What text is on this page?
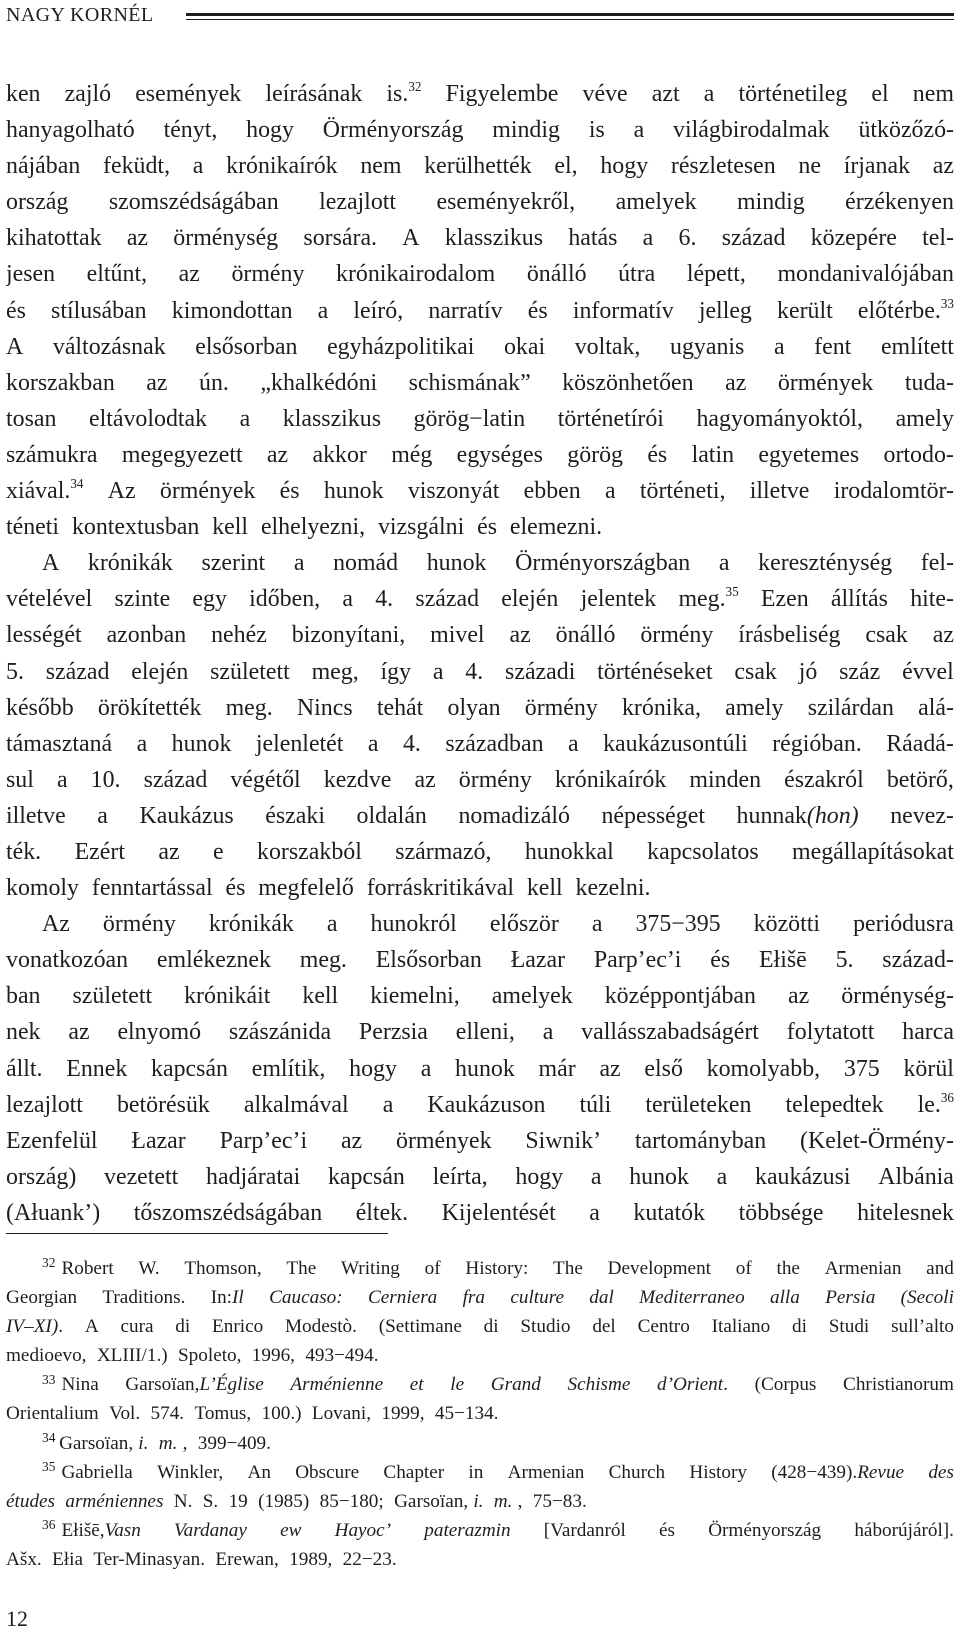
NAGY KORNÉL
ken zajló események leírásának is.$^{32}$ Figyelembe véve azt a történetileg el nem
hanyagolható tényt, hogy Örményország mindig is a világbirodalmak ütközőzó-
nájában feküdt, a krónikaírók nem kerülhették el, hogy részletesen ne írjanak az
ország szomszédságában lezajlott eseményekről, amelyek mindig érzékenyen
kihatottak az örménység sorsára. A klasszikus hatás a 6. század közepére tel-
jesen eltűnt, az örmény krónikairodalom önálló útra lépett, mondanivalójában
és stílusában kimondottan a leíró, narratív és informatív jelleg került előtérbe.$^{33}$
A változásnak elsősorban egyházpolitikai okai voltak, ugyanis a fent említett
korszakban az ún. „khalkédóni schismának” köszönhetően az örmények tuda-
tosan eltávolodtak a klasszikus görög−latin történetírói hagyományoktól, amely
számukra megegyezett az akkor még egységes görög és latin egyetemes ortodo-
xiával.$^{34}$ Az örmények és hunok viszonyát ebben a történeti, illetve irodalomtör-
téneti kontextusban kell elhelyezni, vizsgálni és elemezni.
A krónikák szerint a nomád hunok Örményországban a kereszténység fel-
vételével szinte egy időben, a 4. század elején jelentek meg.$^{35}$ Ezen állítás hite-
lességét azonban nehéz bizonyítani, mivel az önálló örmény írásbeliség csak az
5. század elején született meg, így a 4. századi történéseket csak jó száz évvel
később örökítették meg. Nincs tehát olyan örmény krónika, amely szilárdan alá-
támasztaná a hunok jelenletét a 4. században a kaukázusontúli régióban. Ráadá-
sul a 10. század végétől kezdve az örmény krónikaírók minden északról betörő,
illetve a Kaukázus északi oldalán nomadizáló népességet hunnak(hon) nevez-
ték. Ezért az e korszakból származó, hunokkal kapcsolatos megállapításokat
komoly fenntartással és megfelelő forráskritikával kell kezelni.
Az örmény krónikák a hunokról először a 375−395 közötti periódusra
vonatkozóan emlékeznek meg. Elsősorban Łazar Parp’ec’i és Ełišē 5. század-
ban született krónikáit kell kiemelni, amelyek középpontjában az örménység-
nek az elnyomó szászánida Perzsia elleni, a vallásszabadságért folytatott harca
állt. Ennek kapcsán említik, hogy a hunok már az első komolyabb, 375 körül
lezajlott betörésük alkalmával a Kaukázuson túli területeken telepedtek le.$^{36}$
Ezenfelül Łazar Parp’ec’i az örmények Siwnik’ tartományban (Kelet-Örmény-
ország) vezetett hadjáratai kapcsán leírta, hogy a hunok a kaukázusi Albánia
(Ałuank’) tőszomszédságában éltek. Kijelentését a kutatók többsége hitelesnek
$^{32}$ Robert W. Thomson, The Writing of History: The Development of the Armenian and
Georgian Traditions. In:Il Caucaso: Cerniera fra culture dal Mediterraneo alla Persia (Secoli
IV–XI). A cura di Enrico Modestò. (Settimane di Studio del Centro Italiano di Studi sull’alto
medioevo, XLIII/1.) Spoleto, 1996, 493−494.
$^{33}$ Nina Garsoïan,L’Église Arménienne et le Grand Schisme d’Orient. (Corpus Christianorum
Orientalium Vol. 574. Tomus, 100.) Lovani, 1999, 45−134.
$^{34}$ Garsoïan, i. m. , 399−409.
$^{35}$ Gabriella Winkler, An Obscure Chapter in Armenian Church History (428−439).Revue des
études arméniennes N. S. 19 (1985) 85−180; Garsoïan, i. m. , 75−83.
$^{36}$ Ełišē,Vasn Vardanay ew Hayoc’ paterazmin [Vardanról és Örményország háborújáról].
Ašx. Ełia Ter-Minasyan. Erewan, 1989, 22−23.
12
